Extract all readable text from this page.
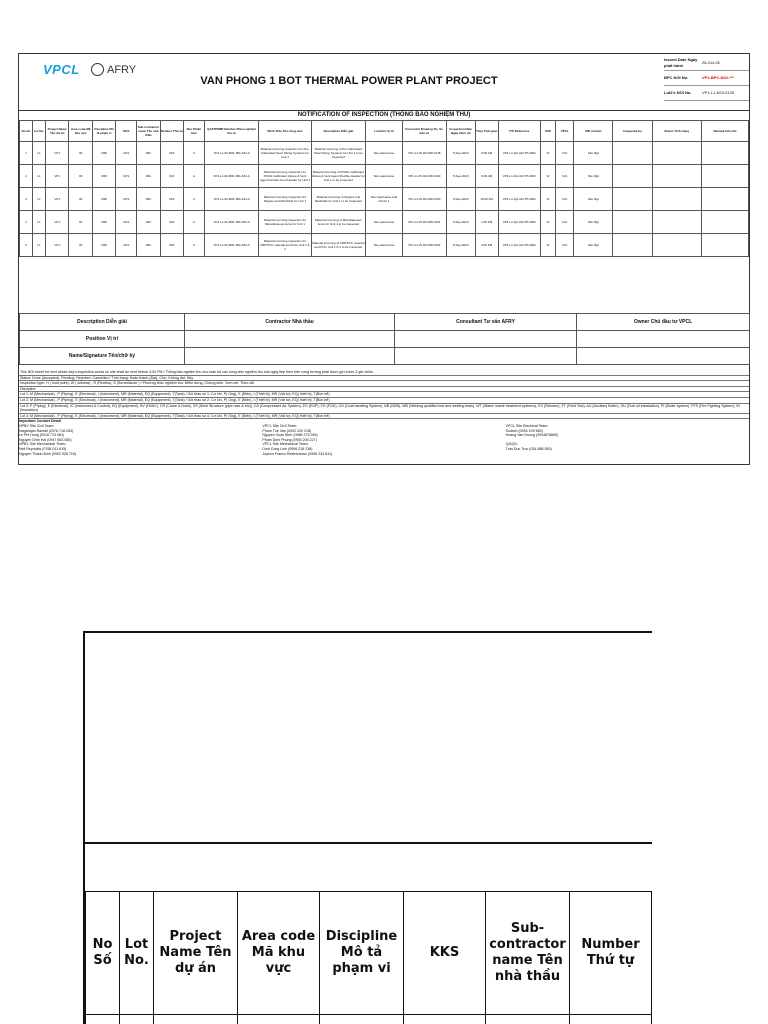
VPCL AFRY
VAN PHONG 1 BOT THERMAL POWER PLANT PROJECT
Issued Date Ngày phát hành
28-Oct-26
BPC NOI No.	VP1-BPC-NOI-***
Lot2's NOI No.	VP1-L1-NOI-0126
NOTIFICATION OF INSPECTION (THÔNG BÁO NGHIỆM THU)
No Số	Lot No.	Project Name Tên dự án	Area code Mã khu vực	Discipline Mô tả phạm vi	KKS	Sub-contractor name Tên nhà thầu	Number Thứ tự	Rev Phiên bản	QA/ITP/MIR Number Phiếu nghiệm thu số	Work Title Tên công việc	Description Diễn giải	Location Vị trí	Document Drawing No. Số bản vẽ	Inspection Date Ngày kiểm tra	Time Thời gian	ITP Reference	H/W	VPCL	MR contact	Inspected by	Status Tình trạng	Remark Ghi chú
1	L1	VP1	00	MIR	UKS	JBA	622	A	VP1-L1-00-MIR-JBA-622-A	Material incoming inspection for Pre-Fabricated Steel Piping Systems for Unit 1	Material incoming of Pre-Fabricated Steel Piping Systems for Unit 1 to be inspected	Site warehouse	VP1-L1-PI-00-MIR-0148	5-Sep-2023	8:00 AM	VP1-L1-QA-00-ITP-0002	W	N/A	Site Mgr			
2	L1	VP1	00	MIR	UKS	JBA	623	A	VP1-L1-00-MIR-JBA-623-A	Material incoming inspection for PN/AF Calibrated Valves & Vent Agent Flexible Feed Header for Unit 1	Material incoming of PN/AF Calibrated Valves & Vent Agent Flexible Header for Unit 1 to be inspected	Site warehouse	VP1-L1-PI-00-MIR-0149	5-Sep-2023	9:00 AM	VP1-L1-QA-00-ITP-0002	W	N/A	Site Mgr			
3	L1	VP1	00	MIR	UKS	JBA	624	A	VP1-L1-00-MIR-JBA-624-A	Material incoming inspection for Nipples and Manifolds for Unit 1	Material incoming of Nipples and Manifolds for Unit 1 to be inspected	Site warehouse and Admin 1	VP1-L1-PI-00-MIR-0150	5-Sep-2023	10:00 AM	VP1-L1-QA-00-ITP-0002	W	N/A	Site Mgr			
4	L1	VP1	00	MIR	UKS	JBA	625	A	VP1-L1-00-MIR-JBA-625-A	Material incoming inspection for Miscellaneous items for Unit 1	Material incoming of Miscellaneous items for Unit 1 to be inspected	Site warehouse	VP1-L1-PI-00-MIR-0151	5-Sep-2023	1:00 PM	VP1-L1-QA-00-ITP-0002	W	N/A	Site Mgr			
5	L1	VP1	00	MIR	UKS	JBA	626	A	VP1-L1-00-MIR-JBA-626-A	Material incoming inspection for FRP/PVC material and fit for Unit 1 & 2	Material incoming of FRP/PVC material and fit for Unit 1 & 2 to be inspected	Site warehouse	VP1-L1-PI-00-MIR-0152	5-Sep-2023	2:00 PM	VP1-L1-QA-00-ITP-0002	W	N/A	Site Mgr			
Description Diễn giải	Contractor Nhà thầu	Consultant Tư vấn AFRY	Owner Chủ đầu tư VPCL
Position Vị trí			
Name/Signature Tên/chữ ký			
This NOI sheet for next whole day's inspection works on site shall be sent before 3:00 PM / Thông báo nghiệm thu cho toàn bộ các công việc nghiệm thu của ngày tiếp theo trên công trường phải được gửi trước 3 giờ chiều
Status: Done (Accepted), Pending, Rejected, Cancelled / Tình trạng: Hoàn thành (Đạt), Chờ, Không đạt, Hủy
Inspection type: H ( hold point), W ( witness) , R (Review), S (Surveillance ) / Phương thức nghiệm thu: Điểm dừng, Chứng kiến, Xem xét, Theo dõi
Discipline:
Lot 1: M (Mechanical) , P (Piping), E (Electrical), I (Instrument), MR (Material), EQ (Equipment), T(Tank) / Gói thầu số 1: Cơ khí, P( Ống), E (Điện), I (Thiết bị), MR (Vật tư), EQ( thiết bị), T(Bồn bể)
Lot 2: M (Mechanical) , P (Piping), E (Electrical), I (Instrument), MR (Material), EQ (Equipment), T(Tank) / Gói thầu số 2: Cơ khí, P( Ống), E (Điện), I (Thiết bị), MR (Vật tư), EQ( thiết bị), T(Bồn bể)
Lot 3: P (Piping), E (Electrical), IC (Instrument & Control), EQ (Equipment), HV (HVAC), CR (Crane & Hoist), SS (Steel Structure (pipe rack & etc)), CA (Compressed Air System), EG (EDP), FG (FGD), CH (Coal handling System), NB (NDB), WB (Welding qualified test and welding tests), WT (Water/ waste treatment systems), EV (Elevator), FT (Field Test), AU (Auxiliary Boiler), GU (Fuel oil installation), PI (Boiler system), FFS (Fire Fighting System), IN (Insulation)
Lot 4: M (Mechanical) , P (Piping), E (Electrical), I (Instrument), MR (Material), EQ (Equipment), T(Tank) / Gói thầu số 4: Cơ khí, P( Ống), E (Điện), I (Thiết bị), MR (Vật tư), EQ( thiết bị), T(Bồn bể)
Important Contact Detail
NPBY Site Civil Team:
Nagarajan Ramali (0376 718 254)
Le Phi Hung (0918 713 081)
Nguyen Dinh Hai (0947 663 585)
NPBY Site Mechanical Team:
Neil Reynolds (0768 011 615)
Nguyen Thanh Binh (0902 528 715)
VPCL Site Civil Team:
Pham Tue Van (0902 220 218)
Nguyen Xuan Binh (0986 279 289)
Pham Dinh Phung (0903 205 227)
VPCL Site Mechanical Team:
Dinh Cong Linh (0906 218 238)
Joyson Franco Resfrentowo (0906 234 811)
VPCL Site Electrical Team:
Sudwin (0934 109 560)
Hoang Van Duong (0934876660)

QA/QC:
Tran Duc Truc (034 888 550)
No Số	Lot No.	Project Name Tên dự án	Area code Mã khu vực	Discipline Mô tả phạm vi	KKS	Sub-contractor name Tên nhà thầu	Number Thứ tự
